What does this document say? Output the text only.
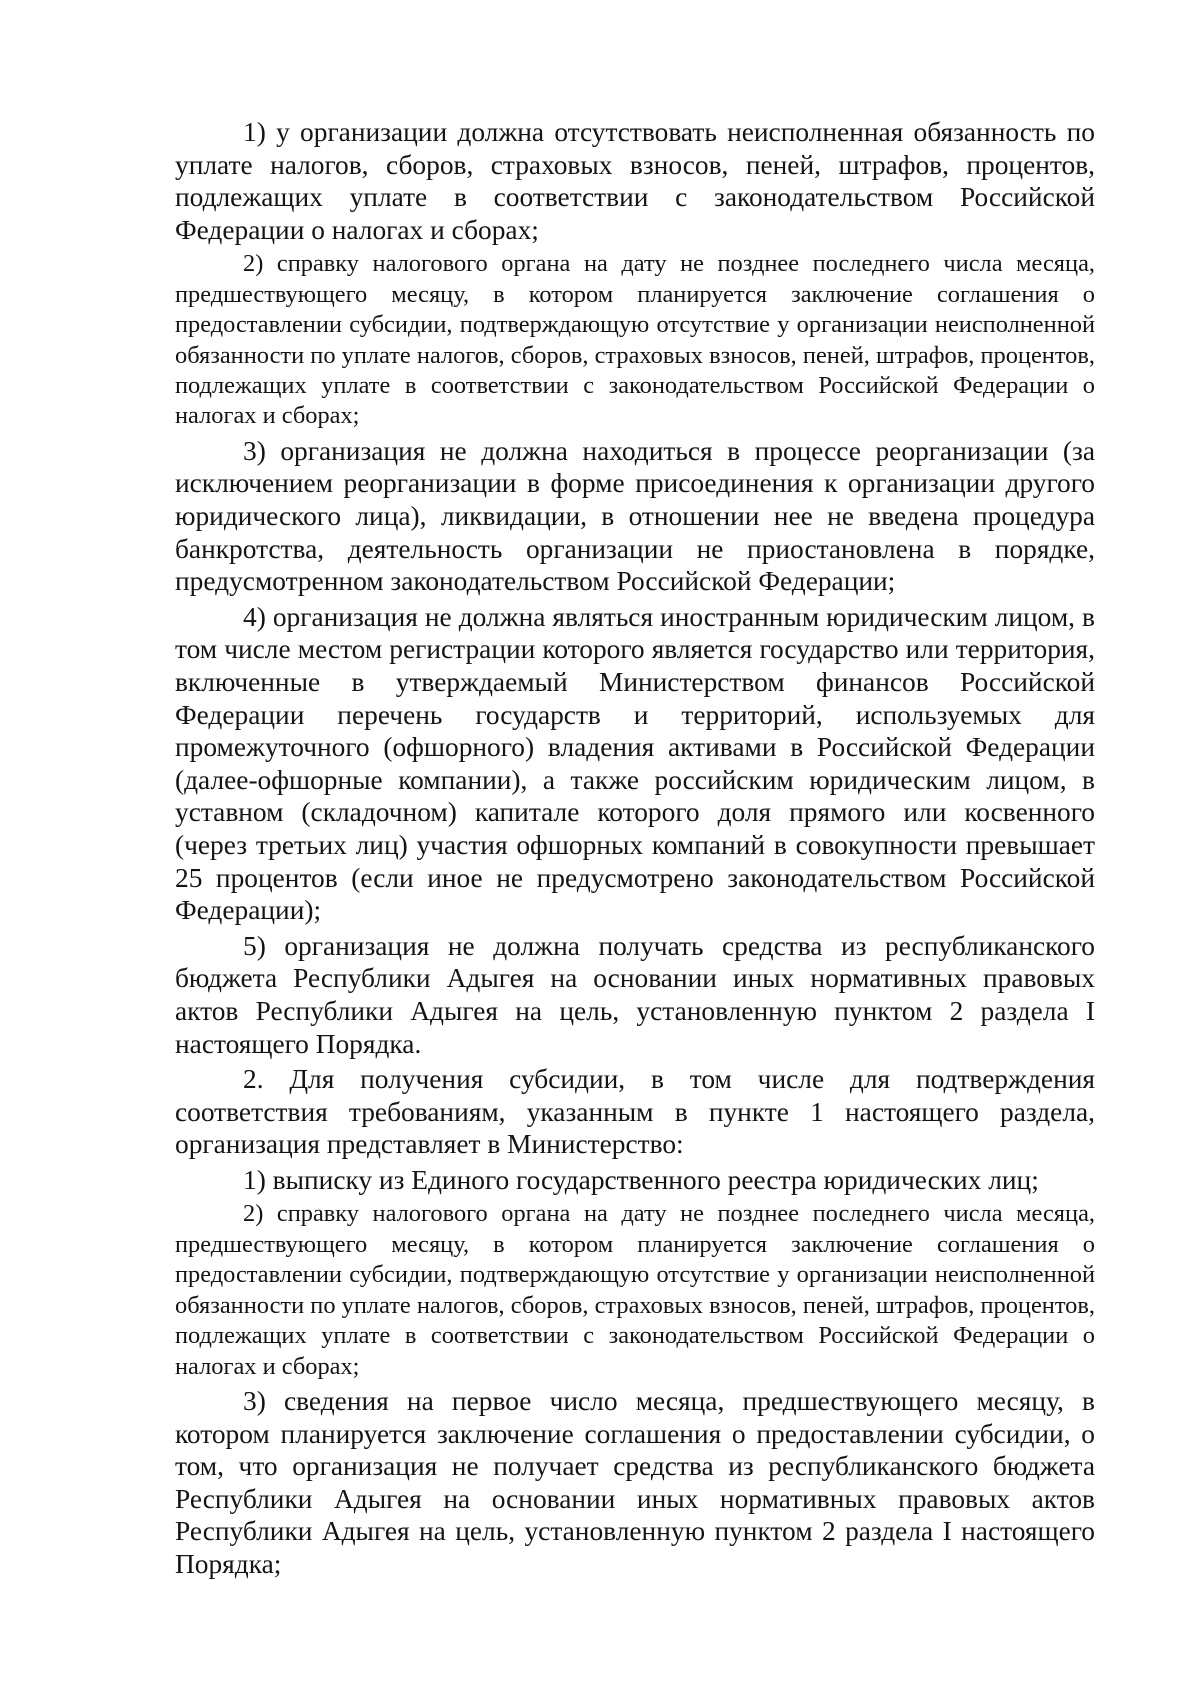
1) у организации должна отсутствовать неисполненная обязанность по уплате налогов, сборов, страховых взносов, пеней, штрафов, процентов, подлежащих уплате в соответствии с законодательством Российской Федерации о налогах и сборах;

2) справку налогового органа на дату не позднее последнего числа месяца, предшествующего месяцу, в котором планируется заключение соглашения о предоставлении субсидии, подтверждающую отсутствие у организации неисполненной обязанности по уплате налогов, сборов, страховых взносов, пеней, штрафов, процентов, подлежащих уплате в соответствии с законодательством Российской Федерации о налогах и сборах;

3) организация не должна находиться в процессе реорганизации (за исключением реорганизации в форме присоединения к организации другого юридического лица), ликвидации, в отношении нее не введена процедура банкротства, деятельность организации не приостановлена в порядке, предусмотренном законодательством Российской Федерации;

4) организация не должна являться иностранным юридическим лицом, в том числе местом регистрации которого является государство или территория, включенные в утверждаемый Министерством финансов Российской Федерации перечень государств и территорий, используемых для промежуточного (офшорного) владения активами в Российской Федерации (далее-офшорные компании), а также российским юридическим лицом, в уставном (складочном) капитале которого доля прямого или косвенного (через третьих лиц) участия офшорных компаний в совокупности превышает 25 процентов (если иное не предусмотрено законодательством Российской Федерации);

5) организация не должна получать средства из республиканского бюджета Республики Адыгея на основании иных нормативных правовых актов Республики Адыгея на цель, установленную пунктом 2 раздела I настоящего Порядка.

2. Для получения субсидии, в том числе для подтверждения соответствия требованиям, указанным в пункте 1 настоящего раздела, организация представляет в Министерство:

1) выписку из Единого государственного реестра юридических лиц;

2) справку налогового органа на дату не позднее последнего числа месяца, предшествующего месяцу, в котором планируется заключение соглашения о предоставлении субсидии, подтверждающую отсутствие у организации неисполненной обязанности по уплате налогов, сборов, страховых взносов, пеней, штрафов, процентов, подлежащих уплате в соответствии с законодательством Российской Федерации о налогах и сборах;

3) сведения на первое число месяца, предшествующего месяцу, в котором планируется заключение соглашения о предоставлении субсидии, о том, что организация не получает средства из республиканского бюджета Республики Адыгея на основании иных нормативных правовых актов Республики Адыгея на цель, установленную пунктом 2 раздела I настоящего Порядка;
